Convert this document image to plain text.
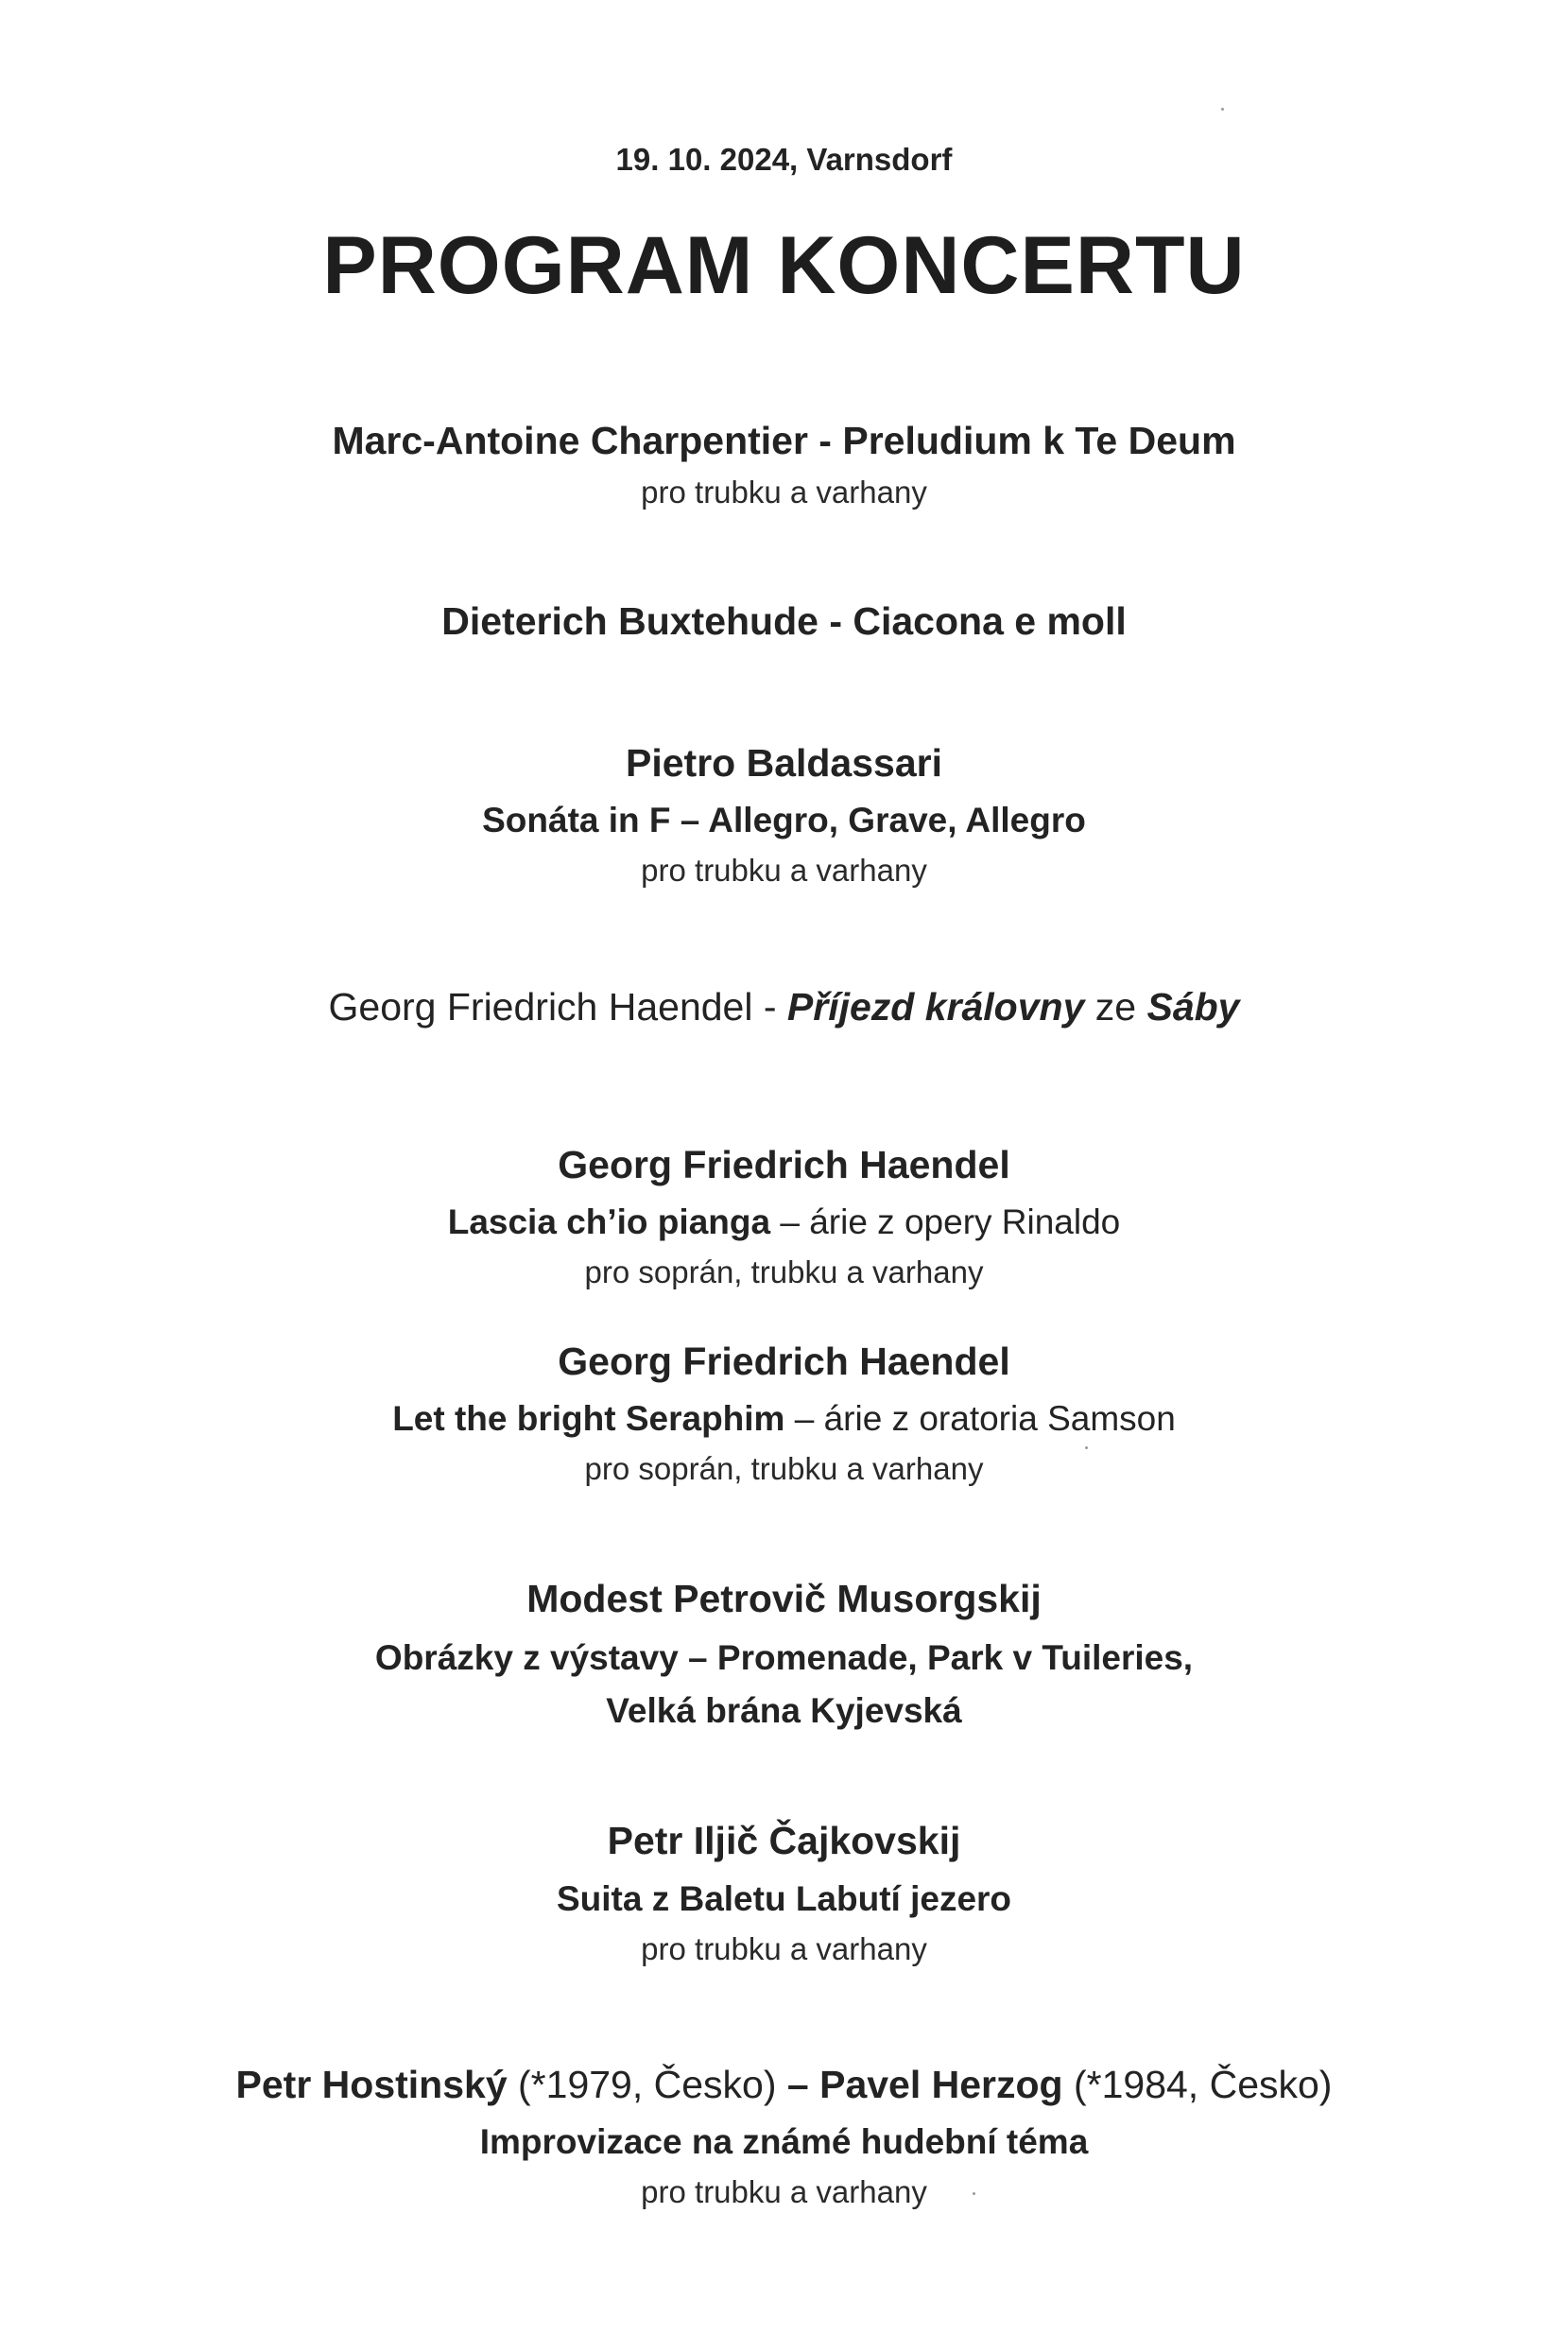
19. 10. 2024, Varnsdorf
PROGRAM KONCERTU
Marc-Antoine Charpentier - Preludium k Te Deum
pro trubku a varhany
Dieterich Buxtehude - Ciacona e moll
Pietro Baldassari
Sonáta in F – Allegro, Grave, Allegro
pro trubku a varhany
Georg Friedrich Haendel - Příjezd královny ze Sáby
Georg Friedrich Haendel
Lascia ch’io pianga – árie z opery Rinaldo
pro soprán, trubku a varhany
Georg Friedrich Haendel
Let the bright Seraphim – árie z oratoria Samson
pro soprán, trubku a varhany
Modest Petrovič Musorgskij
Obrázky z výstavy – Promenade, Park v Tuileries,
Velká brána Kyjevská
Petr Iljič Čajkovskij
Suita z Baletu Labutí jezero
pro trubku a varhany
Petr Hostinský (*1979, Česko) – Pavel Herzog (*1984, Česko)
Improvizace na známé hudební téma
pro trubku a varhany
